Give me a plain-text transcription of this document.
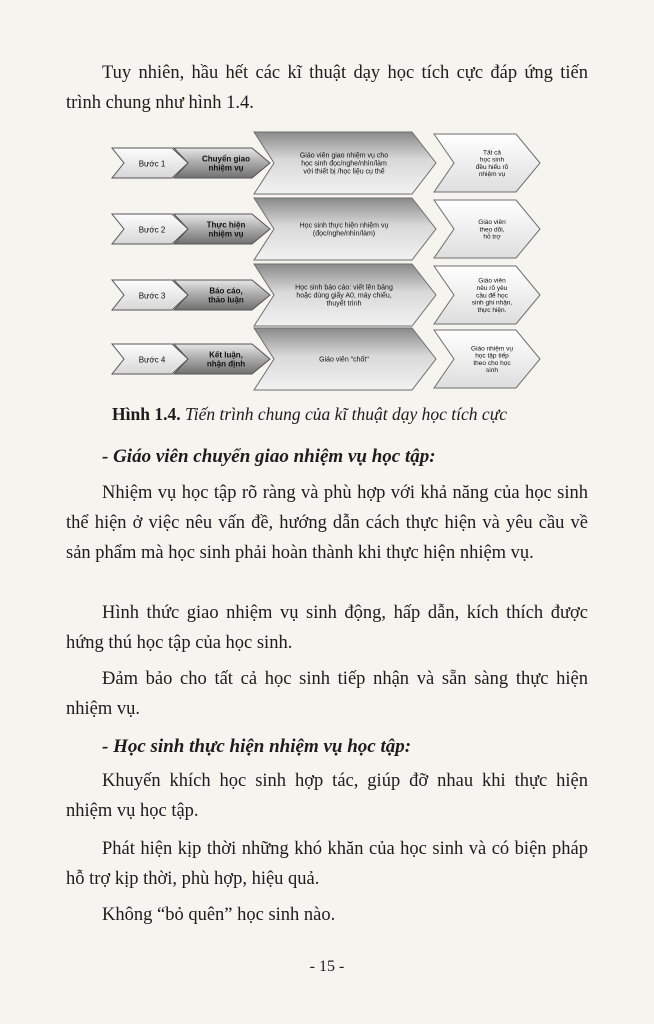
Tuy nhiên, hầu hết các kĩ thuật dạy học tích cực đáp ứng tiến trình chung như hình 1.4.

Bước 1
Chuyển giao nhiệm vụ
Giáo viên giao nhiệm vụ cho học sinh đọc/nghe/nhìn/làm với thiết bị /học liệu cụ thể
Tất cả học sinh đều hiểu rõ nhiệm vụ
Bước 2
Thực hiện nhiệm vụ
Học sinh thực hiện nhiệm vụ (đọc/nghe/nhìn/làm)
Giáo viên theo dõi, hỗ trợ
Bước 3
Báo cáo, thảo luận
Học sinh báo cáo: viết lên bảng hoặc dùng giấy A0, máy chiếu, thuyết trình
Giáo viên nêu rõ yêu cầu để học sinh ghi nhận, thực hiện.
Bước 4
Kết luận, nhận định	Giáo viên "chốt"
Giáo nhiệm vụ học tập tiếp theo cho học sinh

Hình 1.4. Tiến trình chung của kĩ thuật dạy học tích cực

- Giáo viên chuyển giao nhiệm vụ học tập:

Nhiệm vụ học tập rõ ràng và phù hợp với khả năng của học sinh thể hiện ở việc nêu vấn đề, hướng dẫn cách thực hiện và yêu cầu về sản phẩm mà học sinh phải hoàn thành khi thực hiện nhiệm vụ.

Hình thức giao nhiệm vụ sinh động, hấp dẫn, kích thích được hứng thú học tập của học sinh.

Đảm bảo cho tất cả học sinh tiếp nhận và sẵn sàng thực hiện nhiệm vụ.

- Học sinh thực hiện nhiệm vụ học tập:

Khuyến khích học sinh hợp tác, giúp đỡ nhau khi thực hiện nhiệm vụ học tập.

Phát hiện kịp thời những khó khăn của học sinh và có biện pháp hỗ trợ kịp thời, phù hợp, hiệu quả.

Không “bỏ quên” học sinh nào.

- 15 -
